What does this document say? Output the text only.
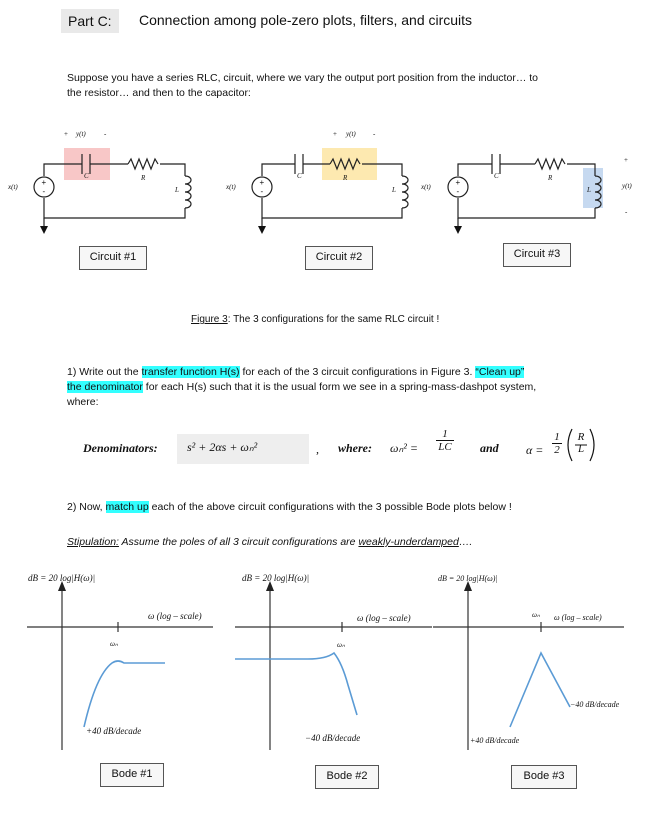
Part C:	Connection among pole-zero plots, filters, and circuits
Suppose you have a series RLC, circuit, where we vary the output port position from the inductor… to
the resistor… and then to the capacitor:
+
-
+
-
+
-
x(t)
C	R
L	x(t)
C	R
L	x(t)
C	R
L
+ y(t)	-	+ y(t) -
+
y(t)
-
Circuit #1	Circuit #2	Circuit #3
Figure 3: The 3 configurations for the same RLC circuit !
1) Write out the transfer function H(s) for each of the 3 circuit configurations in Figure 3. “Clean up”
the denominator for each H(s) such that it is the usual form we see in a spring-mass-dashpot system,
where:
Denominators: s² + 2αs + ωₙ²	, where: $\omega_n^2 = \frac{1}{LC}$ and $\alpha = \frac{1}{2}$ R
L
2) Now, match up each of the above circuit configurations with the 3 possible Bode plots below !
Stipulation: Assume the poles of all 3 circuit configurations are weakly-underdamped….
dB = 20 log|H(ω)|
ω (log – scale)
ωₙ
+40 dB/decade
dB = 20 log|H(ω)|
ω (log – scale)
ωₙ
−40 dB/decade
dB = 20 log|H(ω)|
ω (log – scale)
ωₙ
+40 dB/decade
−40 dB/decade
Bode #1	Bode #2	Bode #3
